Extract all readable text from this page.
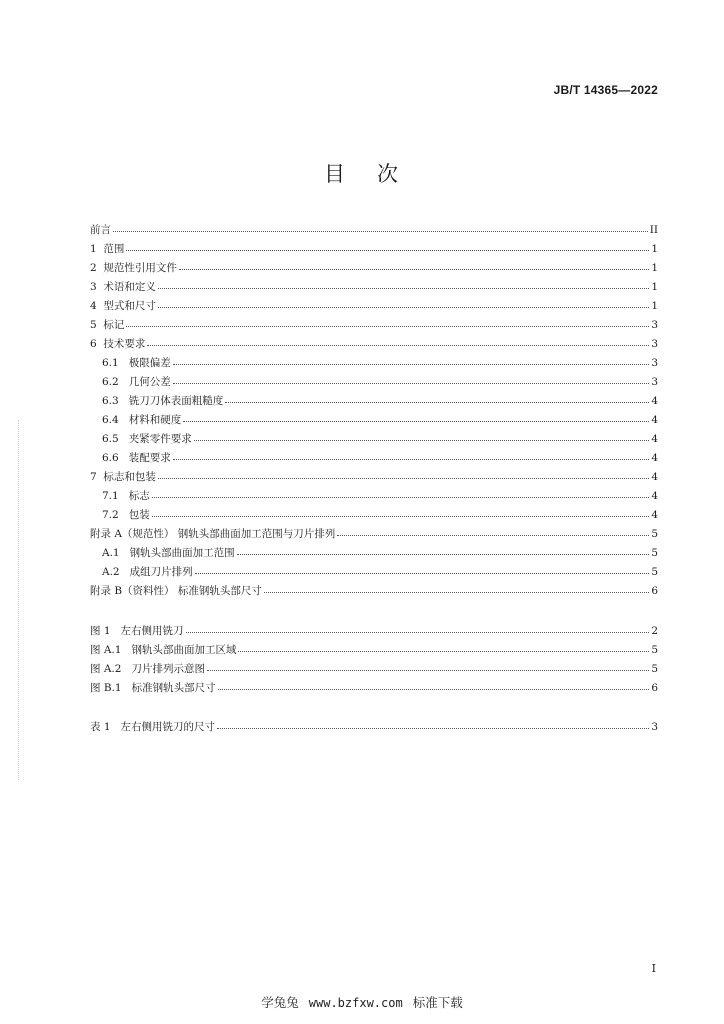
JB/T 14365—2022
目 次
前言	II
1 范围	1
2 规范性引用文件	1
3 术语和定义	1
4 型式和尺寸	1
5 标记	3
6 技术要求	3
6.1 极限偏差	3
6.2 几何公差	3
6.3 铣刀刀体表面粗糙度	4
6.4 材料和硬度	4
6.5 夹紧零件要求	4
6.6 装配要求	4
7 标志和包装	4
7.1 标志	4
7.2 包装	4
附录 A（规范性） 钢轨头部曲面加工范围与刀片排列	5
A.1 钢轨头部曲面加工范围	5
A.2 成组刀片排列	5
附录 B（资料性） 标准钢轨头部尺寸	6
图 1 左右侧用铣刀	2
图 A.1 钢轨头部曲面加工区域	5
图 A.2 刀片排列示意图	5
图 B.1 标准钢轨头部尺寸	6
表 1 左右侧用铣刀的尺寸	3
I
学兔兔 www.bzfxw.com 标准下载
